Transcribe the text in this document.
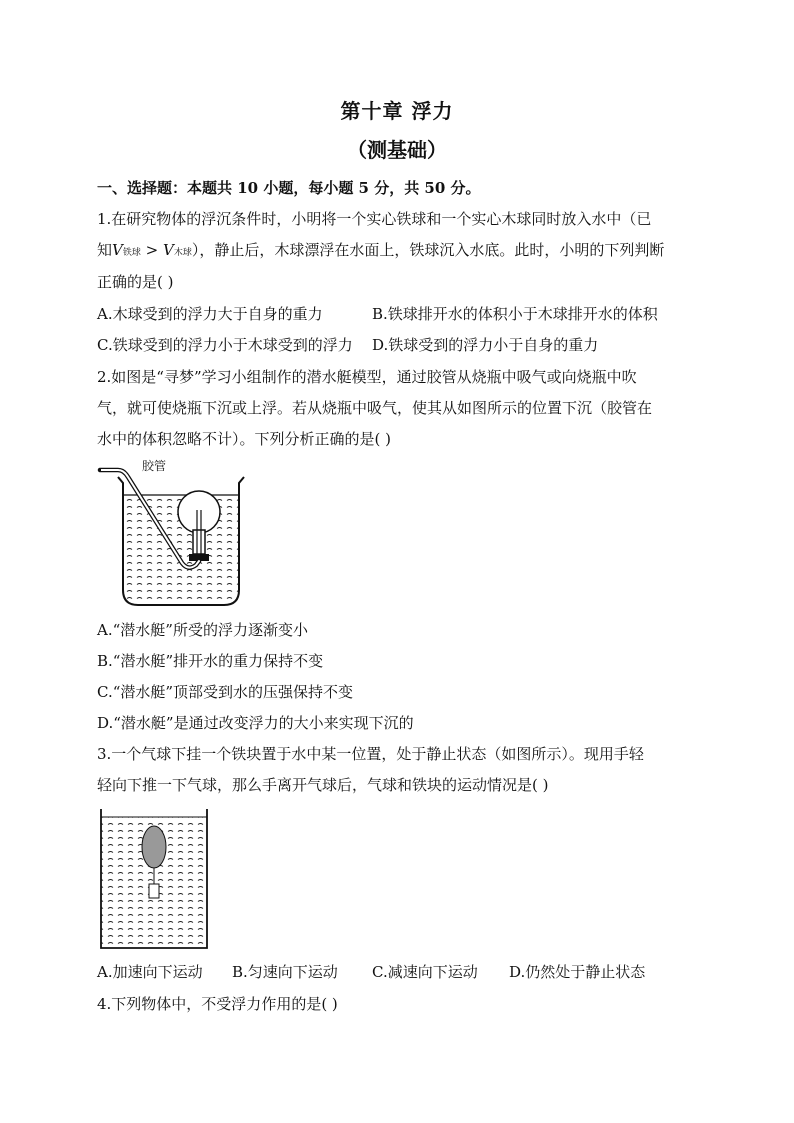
第十章 浮力
（测基础）
一、选择题：本题共 10 小题，每小题 5 分，共 50 分。
1.在研究物体的浮沉条件时，小明将一个实心铁球和一个实心木球同时放入水中（已
知V铁球 > V木球），静止后，木球漂浮在水面上，铁球沉入水底。此时，小明的下列判断
正确的是( )
A.木球受到的浮力大于自身的重力	B.铁球排开水的体积小于木球排开水的体积
C.铁球受到的浮力小于木球受到的浮力 D.铁球受到的浮力小于自身的重力
2.如图是“寻梦”学习小组制作的潜水艇模型，通过胶管从烧瓶中吸气或向烧瓶中吹
气，就可使烧瓶下沉或上浮。若从烧瓶中吸气，使其从如图所示的位置下沉（胶管在
水中的体积忽略不计）。下列分析正确的是( )
胶管
A.“潜水艇”所受的浮力逐渐变小
B.“潜水艇”排开水的重力保持不变
C.“潜水艇”顶部受到水的压强保持不变
D.“潜水艇”是通过改变浮力的大小来实现下沉的
3.一个气球下挂一个铁块置于水中某一位置，处于静止状态（如图所示）。现用手轻
轻向下推一下气球，那么手离开气球后，气球和铁块的运动情况是( )
A.加速向下运动 B.匀速向下运动 C.减速向下运动 D.仍然处于静止状态
4.下列物体中，不受浮力作用的是( )
